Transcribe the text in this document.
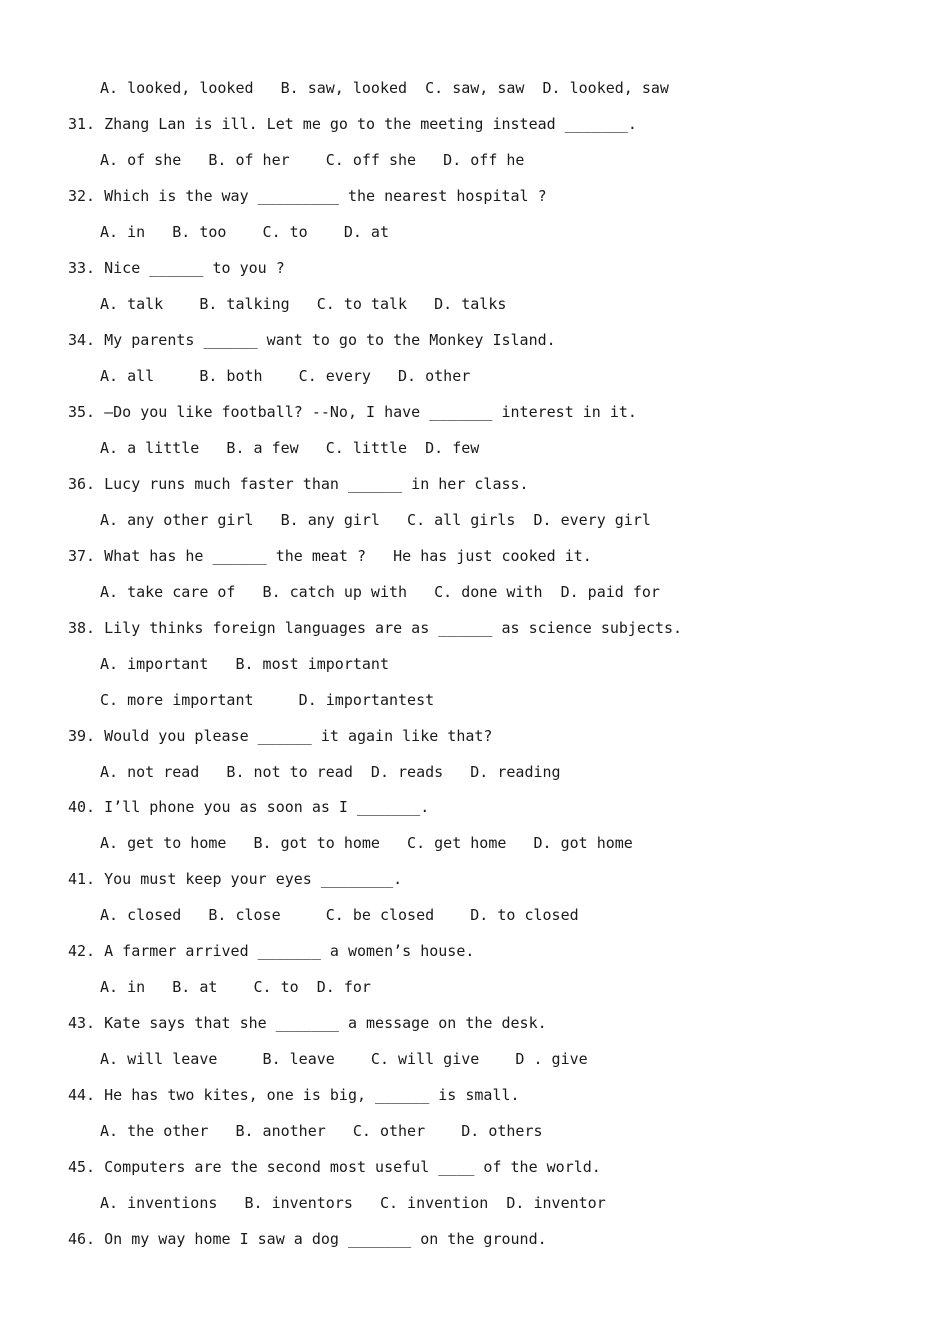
A. looked, looked   B. saw, looked  C. saw, saw  D. looked, saw
31. Zhang Lan is ill. Let me go to the meeting instead _______.
A. of she   B. of her    C. off she   D. off he
32. Which is the way _________ the nearest hospital ?
A. in   B. too    C. to    D. at
33. Nice ______ to you ?
A. talk    B. talking   C. to talk   D. talks
34. My parents ______ want to go to the Monkey Island.
A. all     B. both    C. every   D. other
35. –Do you like football? --No, I have _______ interest in it.
A. a little   B. a few   C. little  D. few
36. Lucy runs much faster than ______ in her class.
A. any other girl   B. any girl   C. all girls  D. every girl
37. What has he ______ the meat ?   He has just cooked it.
A. take care of   B. catch up with   C. done with  D. paid for
38. Lily thinks foreign languages are as ______ as science subjects.
A. important   B. most important
C. more important     D. importantest
39. Would you please ______ it again like that?
A. not read   B. not to read  D. reads   D. reading
40. I’ll phone you as soon as I _______.
A. get to home   B. got to home   C. get home   D. got home
41. You must keep your eyes ________.
A. closed   B. close     C. be closed    D. to closed
42. A farmer arrived _______ a women’s house.
A. in   B. at    C. to  D. for
43. Kate says that she _______ a message on the desk.
A. will leave     B. leave    C. will give    D . give
44. He has two kites, one is big, ______ is small.
A. the other   B. another   C. other    D. others
45. Computers are the second most useful ____ of the world.
A. inventions   B. inventors   C. invention  D. inventor
46. On my way home I saw a dog _______ on the ground.
